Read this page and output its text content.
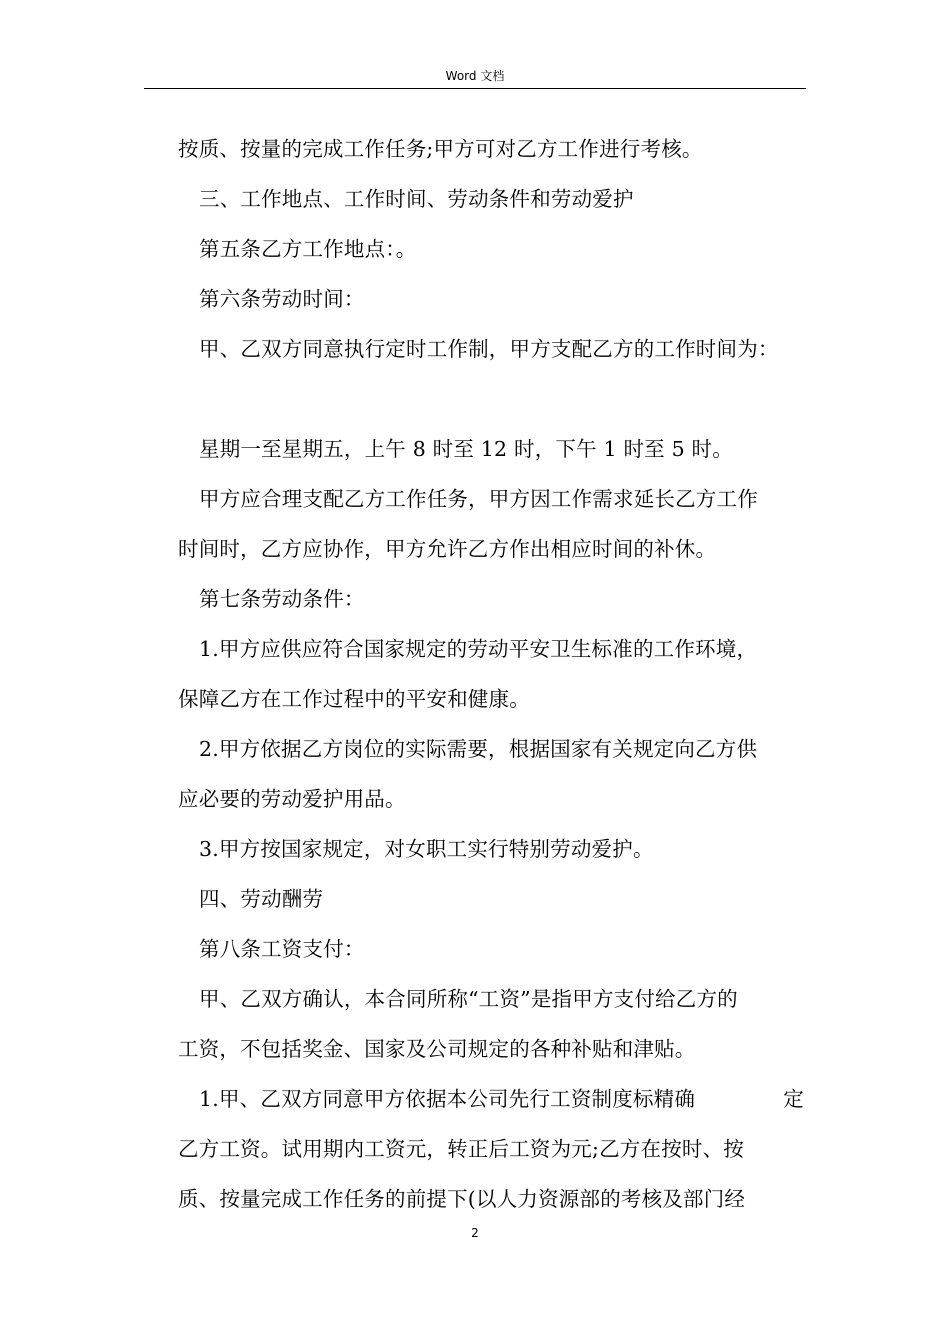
Word 文档
按质、按量的完成工作任务;甲方可对乙方工作进行考核。
三、工作地点、工作时间、劳动条件和劳动爱护
第五条乙方工作地点：。
第六条劳动时间：
甲、乙双方同意执行定时工作制，甲方支配乙方的工作时间为：
星期一至星期五，上午 8 时至 12 时，下午 1 时至 5 时。
甲方应合理支配乙方工作任务，甲方因工作需求延长乙方工作
时间时，乙方应协作，甲方允许乙方作出相应时间的补休。
第七条劳动条件：
1.甲方应供应符合国家规定的劳动平安卫生标准的工作环境，
保障乙方在工作过程中的平安和健康。
2.甲方依据乙方岗位的实际需要，根据国家有关规定向乙方供
应必要的劳动爱护用品。
3.甲方按国家规定，对女职工实行特别劳动爱护。
四、劳动酬劳
第八条工资支付：
甲、乙双方确认，本合同所称“工资”是指甲方支付给乙方的
工资，不包括奖金、国家及公司规定的各种补贴和津贴。
1.甲、乙双方同意甲方依据本公司先行工资制度标精确	定
乙方工资。试用期内工资元，转正后工资为元;乙方在按时、按
质、按量完成工作任务的前提下(以人力资源部的考核及部门经
2
